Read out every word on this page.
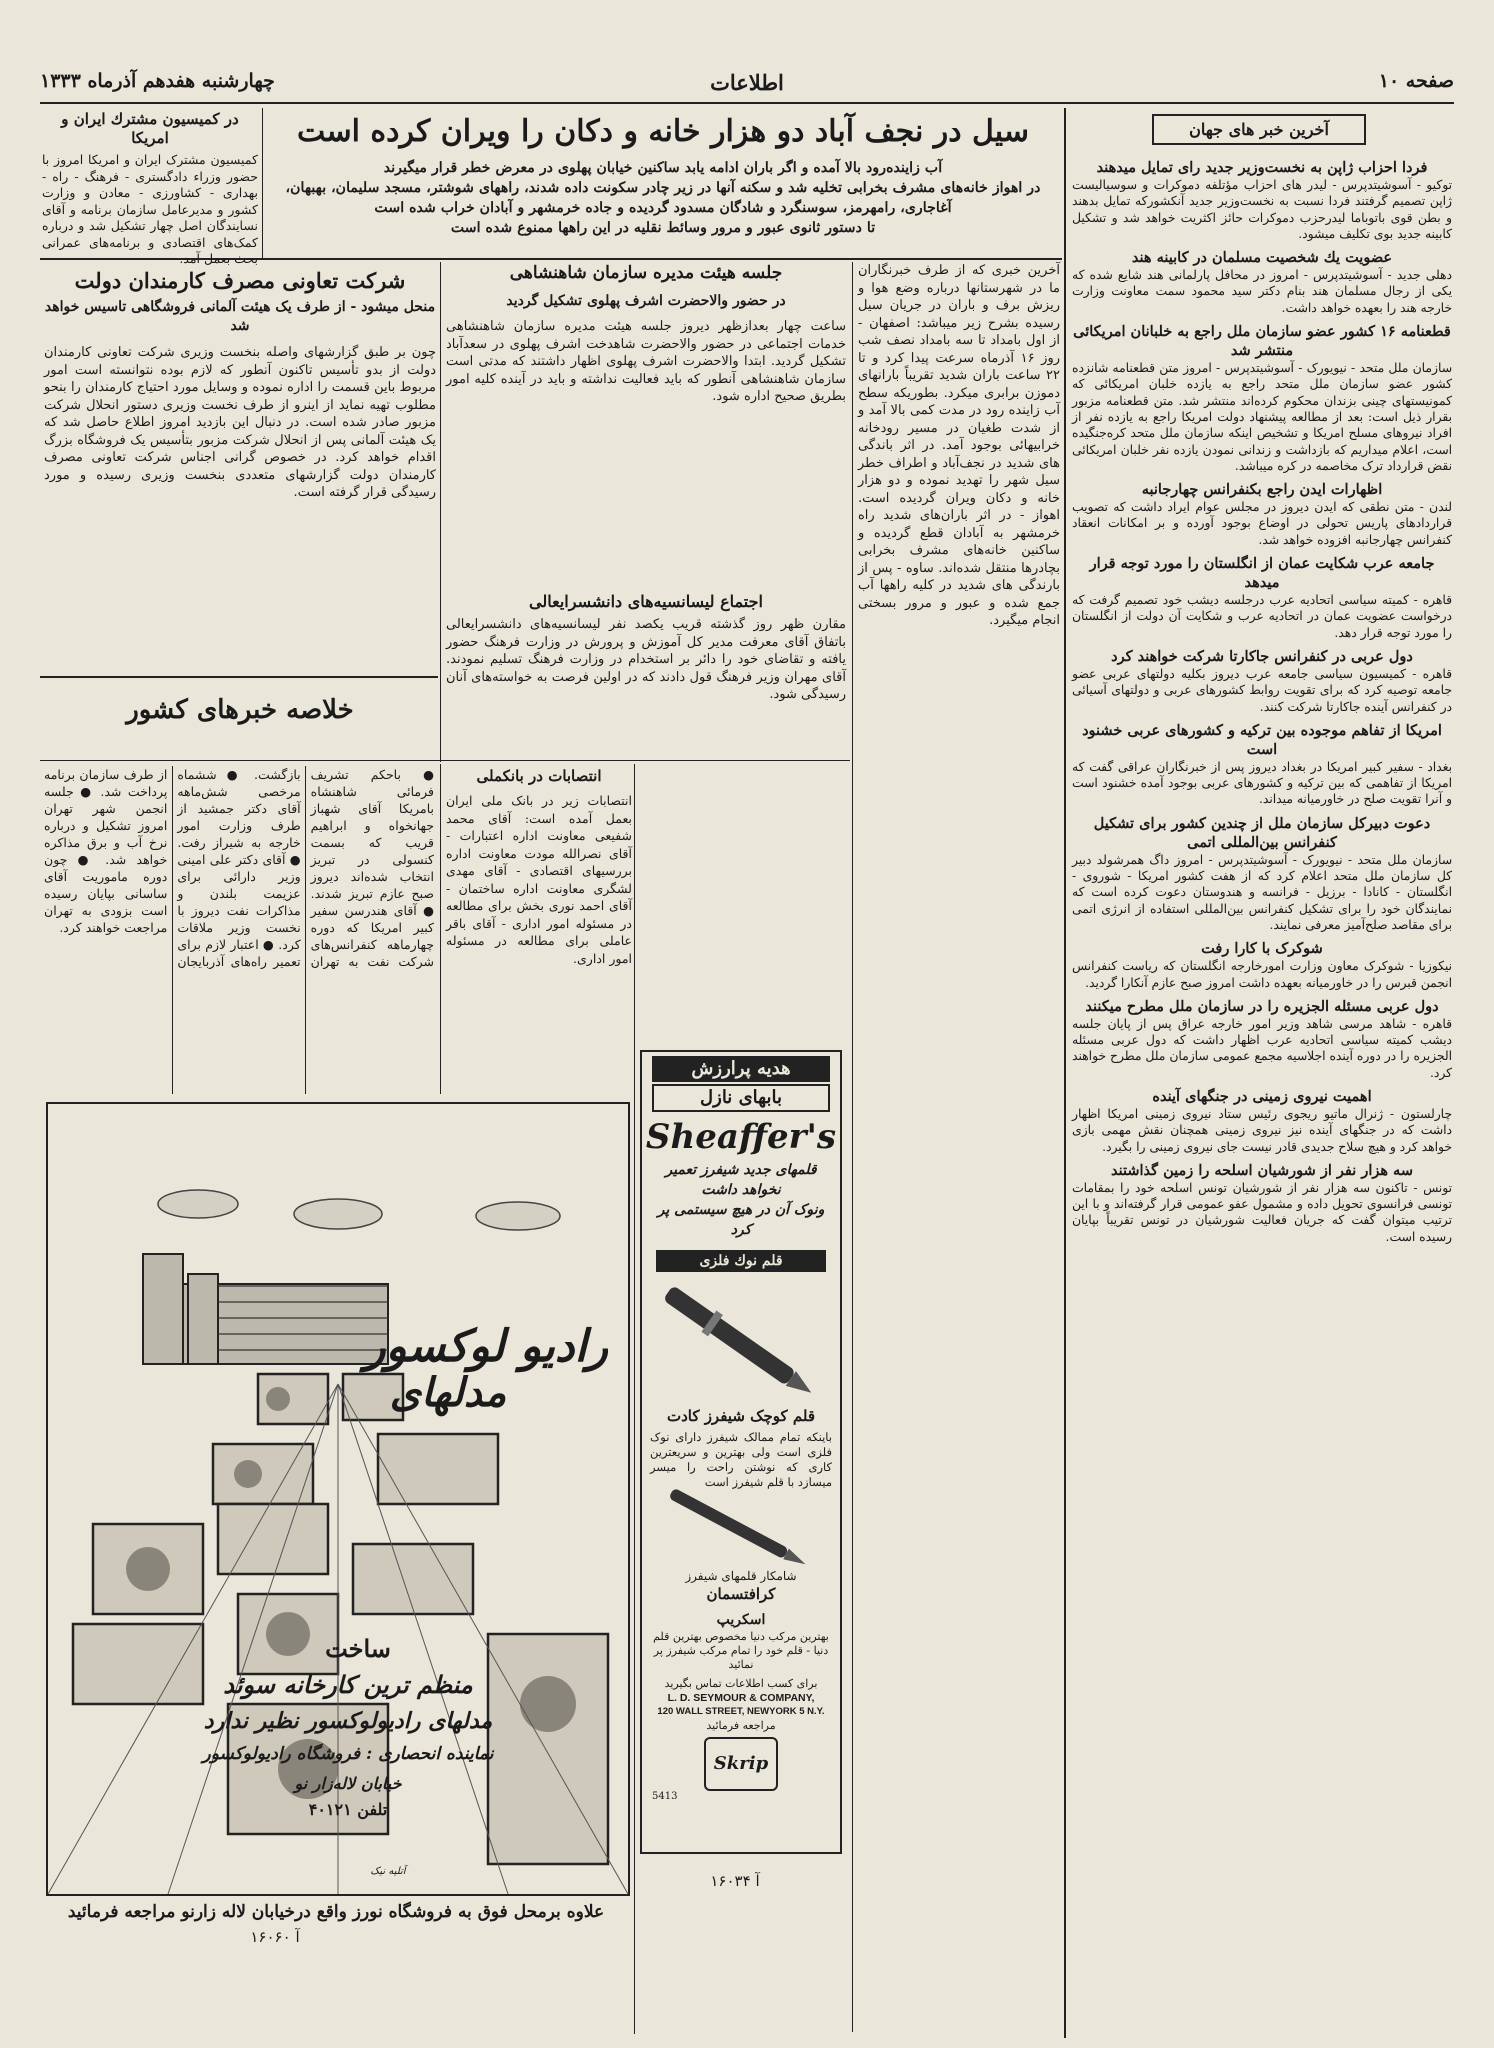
صفحه ۱۰
اطلاعات
چهارشنبه هفدهم آذرماه ۱۳۳۳
آخرین خبر های جهان
فردا احزاب ژاپن به نخست‌وزیر جدید رای تمایل میدهند
توکیو - آسوشیتدپرس - لیدر های احزاب مؤتلفه دموکرات و سوسیالیست ژاپن تصمیم گرفتند فردا نسبت به نخست‌وزیر جدید آنکشورکه تمایل بدهند و بطن قوی باتوباما لیدرحزب دموکرات حائز اکثریت خواهد شد و تشکیل کابینه جدید بوی تکلیف میشود.
عضویت یك شخصیت مسلمان در کابینه هند
دهلی جدید - آسوشیتدپرس - امروز در محافل پارلمانی هند شایع شده که یکی از رجال مسلمان هند بنام دکتر سید محمود سمت معاونت وزارت خارجه هند را بعهده خواهد داشت.
قطعنامه ۱۶ کشور عضو سازمان ملل راجع به خلبانان امریکائی منتشر شد
سازمان ملل متحد - نیویورک - آسوشیتدپرس - امروز متن قطعنامه شانزده کشور عضو سازمان ملل متحد راجع به یازده خلبان امریکائی که کمونیستهای چینی بزندان محکوم کرده‌اند منتشر شد. متن قطعنامه مزبور بقرار ذیل است: بعد از مطالعه پیشنهاد دولت امریکا راجع به یازده نفر از افراد نیروهای مسلح امریکا و تشخیص اینکه سازمان ملل متحد کره‌جنگیده است، اعلام میداریم که بازداشت و زندانی نمودن یازده نفر خلبان امریکائی نقض قرارداد ترک مخاصمه در کره میباشد.
اظهارات ایدن راجع بکنفرانس چهارجانبه
لندن - متن نطقی که ایدن دیروز در مجلس عوام ایراد داشت که تصویب قراردادهای پاریس تحولی در اوضاع بوجود آورده و بر امکانات انعقاد کنفرانس چهارجانبه افزوده خواهد شد.
جامعه عرب شکایت عمان از انگلستان را مورد توجه قرار میدهد
قاهره - کمیته سیاسی اتحادیه عرب درجلسه دیشب خود تصمیم گرفت که درخواست عضویت عمان در اتحادیه عرب و شکایت آن دولت از انگلستان را مورد توجه قرار دهد.
دول عربی در کنفرانس جاکارتا شرکت خواهند کرد
قاهره - کمیسیون سیاسی جامعه عرب دیروز بکلیه دولتهای عربی عضو جامعه توصیه کرد که برای تقویت روابط کشورهای عربی و دولتهای آسیائی در کنفرانس آینده جاکارتا شرکت کنند.
امریکا از تفاهم موجوده بین ترکیه و کشورهای عربی خشنود است
بغداد - سفیر کبیر امریکا در بغداد دیروز پس از خبرنگاران عراقی گفت که امریکا از تفاهمی که بین ترکیه و کشورهای عربی بوجود آمده خشنود است و آنرا تقویت صلح در خاورمیانه میداند.
دعوت دبیرکل سازمان ملل از چندین کشور برای تشکیل کنفرانس بین‌المللی اتمی
سازمان ملل متحد - نیویورک - آسوشیتدپرس - امروز داگ همرشولد دبیر کل سازمان ملل متحد اعلام کرد که از هفت کشور امریکا - شوروی - انگلستان - کانادا - برزیل - فرانسه و هندوستان دعوت کرده است که نمایندگان خود را برای تشکیل کنفرانس بین‌المللی استفاده از انرژی اتمی برای مقاصد صلح‌آمیز معرفی نمایند.
شوکرک با کارا رفت
نیکوزیا - شوکرک معاون وزارت امورخارجه انگلستان که ریاست کنفرانس انجمن قبرس را در خاورمیانه بعهده داشت امروز صبح عازم آنکارا گردید.
دول عربی مسئله الجزیره را در سازمان ملل مطرح میکنند
قاهره - شاهد مرسی شاهد وزیر امور خارجه عراق پس از پایان جلسه دیشب کمیته سیاسی اتحادیه عرب اظهار داشت که دول عربی مسئله الجزیره را در دوره آینده اجلاسیه مجمع عمومی سازمان ملل مطرح خواهند کرد.
اهمیت نیروی زمینی در جنگهای آینده
چارلستون - ژنرال ماتیو ریجوی رئیس ستاد نیروی زمینی امریکا اظهار داشت که در جنگهای آینده نیز نیروی زمینی همچنان نقش مهمی بازی خواهد کرد و هیچ سلاح جدیدی قادر نیست جای نیروی زمینی را بگیرد.
سه هزار نفر از شورشیان اسلحه را زمین گذاشتند
تونس - تاکنون سه هزار نفر از شورشیان تونس اسلحه خود را بمقامات تونسی فرانسوی تحویل داده و مشمول عفو عمومی قرار گرفته‌اند و با این ترتیب میتوان گفت که جریان فعالیت شورشیان در تونس تقریباً بپایان رسیده است.
سیل در نجف آباد دو هزار خانه و دکان را ویران کرده است
آب زاینده‌رود بالا آمده و اگر باران ادامه یابد ساکنین خیابان پهلوی در معرض خطر قرار میگیرند
در اهواز خانه‌های مشرف بخرابی تخلیه شد و سکنه آنها در زیر چادر سکونت داده شدند، راههای شوشتر، مسجد سلیمان، بهبهان، آغاجاری، رامهرمز، سوسنگرد و شادگان مسدود گردیده و جاده خرمشهر و آبادان خراب شده است
تا دستور ثانوی عبور و مرور وسائط نقلیه در این راهها ممنوع شده است
در کمیسیون مشترك ایران و امریکا
کمیسیون مشترک ایران و امریکا امروز با حضور وزراء دادگستری - فرهنگ - راه - بهداری - کشاورزی - معادن و وزارت کشور و مدیرعامل سازمان برنامه و آقای نسایندگان اصل چهار تشکیل شد و درباره کمک‌های اقتصادی و برنامه‌های عمرانی بحث بعمل آمد.
شرکت تعاونی مصرف کارمندان دولت
منحل میشود - از طرف یک هیئت آلمانی فروشگاهی تاسیس خواهد شد
چون بر طبق گزارشهای واصله بنخست وزیری شرکت تعاونی کارمندان دولت از بدو تأسیس تاکنون آنطور که لازم بوده نتوانسته است امور مربوط باین قسمت را اداره نموده و وسایل مورد احتیاج کارمندان را بنحو مطلوب تهیه نماید از اینرو از طرف نخست وزیری دستور انحلال شرکت مزبور صادر شده است. در دنبال این بازدید امروز اطلاع حاصل شد که یک هیئت آلمانی پس از انحلال شرکت مزبور بتأسیس یک فروشگاه بزرگ اقدام خواهد کرد. در خصوص گرانی اجناس شرکت تعاونی مصرف کارمندان دولت گزارشهای متعددی بنخست وزیری رسیده و مورد رسیدگی قرار گرفته است.
جلسه هیئت مدیره سازمان شاهنشاهی
در حضور والاحضرت اشرف پهلوی تشکیل گردید
ساعت چهار بعدازظهر دیروز جلسه هیئت مدیره سازمان شاهنشاهی خدمات اجتماعی در حضور والاحضرت شاهدخت اشرف پهلوی در سعدآباد تشکیل گردید. ابتدا والاحضرت اشرف پهلوی اظهار داشتند که مدتی است سازمان شاهنشاهی آنطور که باید فعالیت نداشته و باید در آینده کلیه امور بطریق صحیح اداره شود.
اجتماع لیسانسیه‌های دانشسرایعالی
مقارن ظهر روز گذشته قریب یکصد نفر لیسانسیه‌های دانشسرایعالی باتفاق آقای معرفت مدیر کل آموزش و پرورش در وزارت فرهنگ حضور یافته و تقاضای خود را دائر بر استخدام در وزارت فرهنگ تسلیم نمودند. آقای مهران وزیر فرهنگ قول دادند که در اولین فرصت به خواسته‌های آنان رسیدگی شود.
آخرین خبری که از طرف خبرنگاران ما در شهرستانها درباره وضع هوا و ریزش برف و باران در جریان سیل رسیده بشرح زیر میباشد: اصفهان - از اول بامداد تا سه بامداد نصف شب روز ۱۶ آذرماه سرعت پیدا کرد و تا ۲۲ ساعت باران شدید تقریباً بارانهای دموزن برابری میکرد. بطوریکه سطح آب زاینده رود در مدت کمی بالا آمد و از شدت طغیان در مسیر رودخانه خرابیهائی بوجود آمد. در اثر باندگی های شدید در نجف‌آباد و اطراف خطر سیل شهر را تهدید نموده و دو هزار خانه و دکان ویران گردیده است. اهواز - در اثر باران‌های شدید راه خرمشهر به آبادان قطع گردیده و ساکنین خانه‌های مشرف بخرابی بچادرها منتقل شده‌اند. ساوه - پس از بارندگی های شدید در کلیه راهها آب جمع شده و عبور و مرور بسختی انجام میگیرد.
خلاصه خبرهای کشور
● باحکم تشریف فرمائی شاهنشاه بامریکا آقای شهباز جهانخواه و ابراهیم قریب که بسمت کنسولی در تبریز انتخاب شده‌اند دیروز صبح عازم تبریز شدند. ● آقای هندرسن سفیر کبیر امریکا که دوره چهارماهه کنفرانس‌های شرکت نفت به تهران بازگشت. ● ششماه مرخصی شش‌ماهه آقای دکتر جمشید از طرف وزارت امور خارجه به شیراز رفت. ● آقای دکتر علی امینی وزیر دارائی برای عزیمت بلندن و مذاکرات نفت دیروز با نخست وزیر ملاقات کرد. ● اعتبار لازم برای تعمیر راه‌های آذربایجان از طرف سازمان برنامه پرداخت شد. ● جلسه انجمن شهر تهران امروز تشکیل و درباره نرخ آب و برق مذاکره خواهد شد. ● چون دوره ماموریت آقای ساسانی بپایان رسیده است بزودی به تهران مراجعت خواهند کرد.
انتصابات در بانکملی
انتصابات زیر در بانک ملی ایران بعمل آمده است: آقای محمد شفیعی معاونت اداره اعتبارات - آقای نصرالله مودت معاونت اداره بررسیهای اقتصادی - آقای مهدی لشگری معاونت اداره ساختمان - آقای احمد نوری بخش برای مطالعه در مسئوله امور اداری - آقای باقر عاملی برای مطالعه در مسئوله امور اداری.
رادیو لوکسور
مدلهای
ساخت
منظم ترین کارخانه سوئد
مدلهای رادیولوکسور نظیر ندارد
نماینده انحصاری : فروشگاه رادیولوکسور
خیابان لاله‌زار نو
تلفن ۴۰۱۲۱
آتلیه نیک
علاوه برمحل فوق به فروشگاه نورز واقع درخیابان لاله زارنو مراجعه فرمائید
آ ۱۶۰۶۰
هدیه پرارزش
بابهای نازل
Sheaffer's
قلمهای جدید شیفرز تعمیر نخواهد داشت
ونوک آن در هیچ سیستمی پر کرد
قلم نوك فلزی
قلم کوچک شیفرز کادت
باینکه تمام ممالک شیفرز دارای نوک فلزی است ولی بهترین و سریعترین کاری که نوشتن راحت را میسر میسازد با قلم شیفرز است
شامکار قلمهای شیفرز
کرافتسمان
اسکریپ
بهترین مرکب دنیا مخصوص بهترین قلم دنیا - قلم خود را تمام مرکب شیفرز پر نمائید
برای کسب اطلاعات تماس بگیرید
L. D. SEYMOUR & COMPANY,
120 WALL STREET, NEWYORK 5 N.Y.
مراجعه فرمائید
Skrip
5413
آ ۱۶۰۳۴
